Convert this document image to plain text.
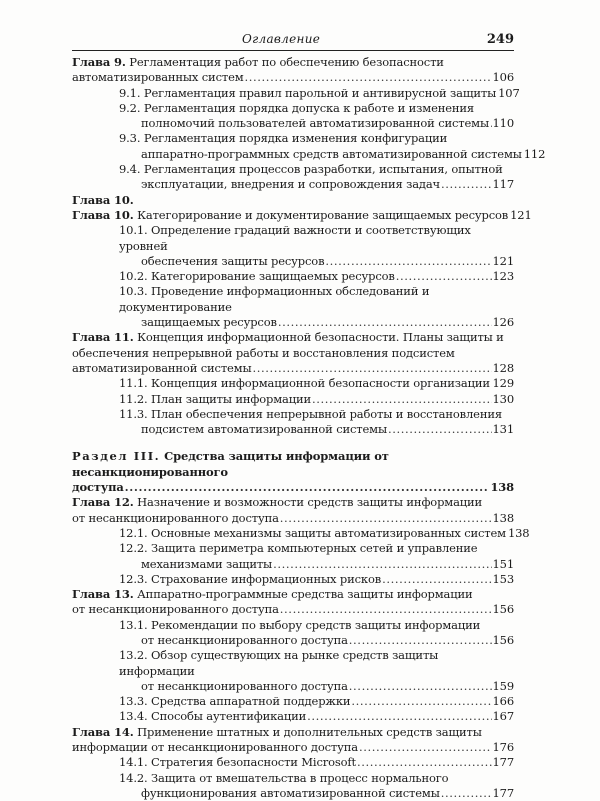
Оглавление	249
Глава 9. Регламентация работ по обеспечению безопасности
автоматизированных систем .....	106
9.1. Регламентация правил парольной и антивирусной защиты 107
9.2. Регламентация порядка допуска к работе и изменения
полномочий пользователей автоматизированной системы ..... 110
9.3. Регламентация порядка изменения конфигурации
аппаратно-программных средств автоматизированной системы 112
9.4. Регламентация процессов разработки, испытания, опытной
эксплуатации, внедрения и сопровождения задач .....	117
Глава 10.
Глава 10. Категорирование и документирование защищаемых ресурсов 121
10.1. Определение градаций важности и соответствующих уровней
обеспечения защиты ресурсов .....	121
10.2. Категорирование защищаемых ресурсов .....	123
10.3. Проведение информационных обследований и документирование
защищаемых ресурсов .....	126
Глава 11. Концепция информационной безопасности. Планы защиты и обеспечения непрерывной работы и восстановления подсистем
автоматизированной системы .....	128
11.1. Концепция информационной безопасности организации ..... 129
11.2. План защиты информации .....	130
11.3. План обеспечения непрерывной работы и восстановления
подсистем автоматизированной системы .....	131
Раздел III. Средства защиты информации от несанкционированного
доступа .....	138
Глава 12. Назначение и возможности средств защиты информации
от несанкционированного доступа .....	138
12.1. Основные механизмы защиты автоматизированных систем 138
12.2. Защита периметра компьютерных сетей и управление
механизмами защиты .....	151
12.3. Страхование информационных рисков .....	153
Глава 13. Аппаратно-программные средства защиты информации
от несанкционированного доступа .....	156
13.1. Рекомендации по выбору средств защиты информации
от несанкционированного доступа .....	156
13.2. Обзор существующих на рынке средств защиты информации
от несанкционированного доступа .....	159
13.3. Средства аппаратной поддержки .....	166
13.4. Способы аутентификации .....	167
Глава 14. Применение штатных и дополнительных средств защиты
информации от несанкционированного доступа .....	176
14.1. Стратегия безопасности Microsoft .....	177
14.2. Защита от вмешательства в процесс нормального
функционирования автоматизированной системы .....	177
